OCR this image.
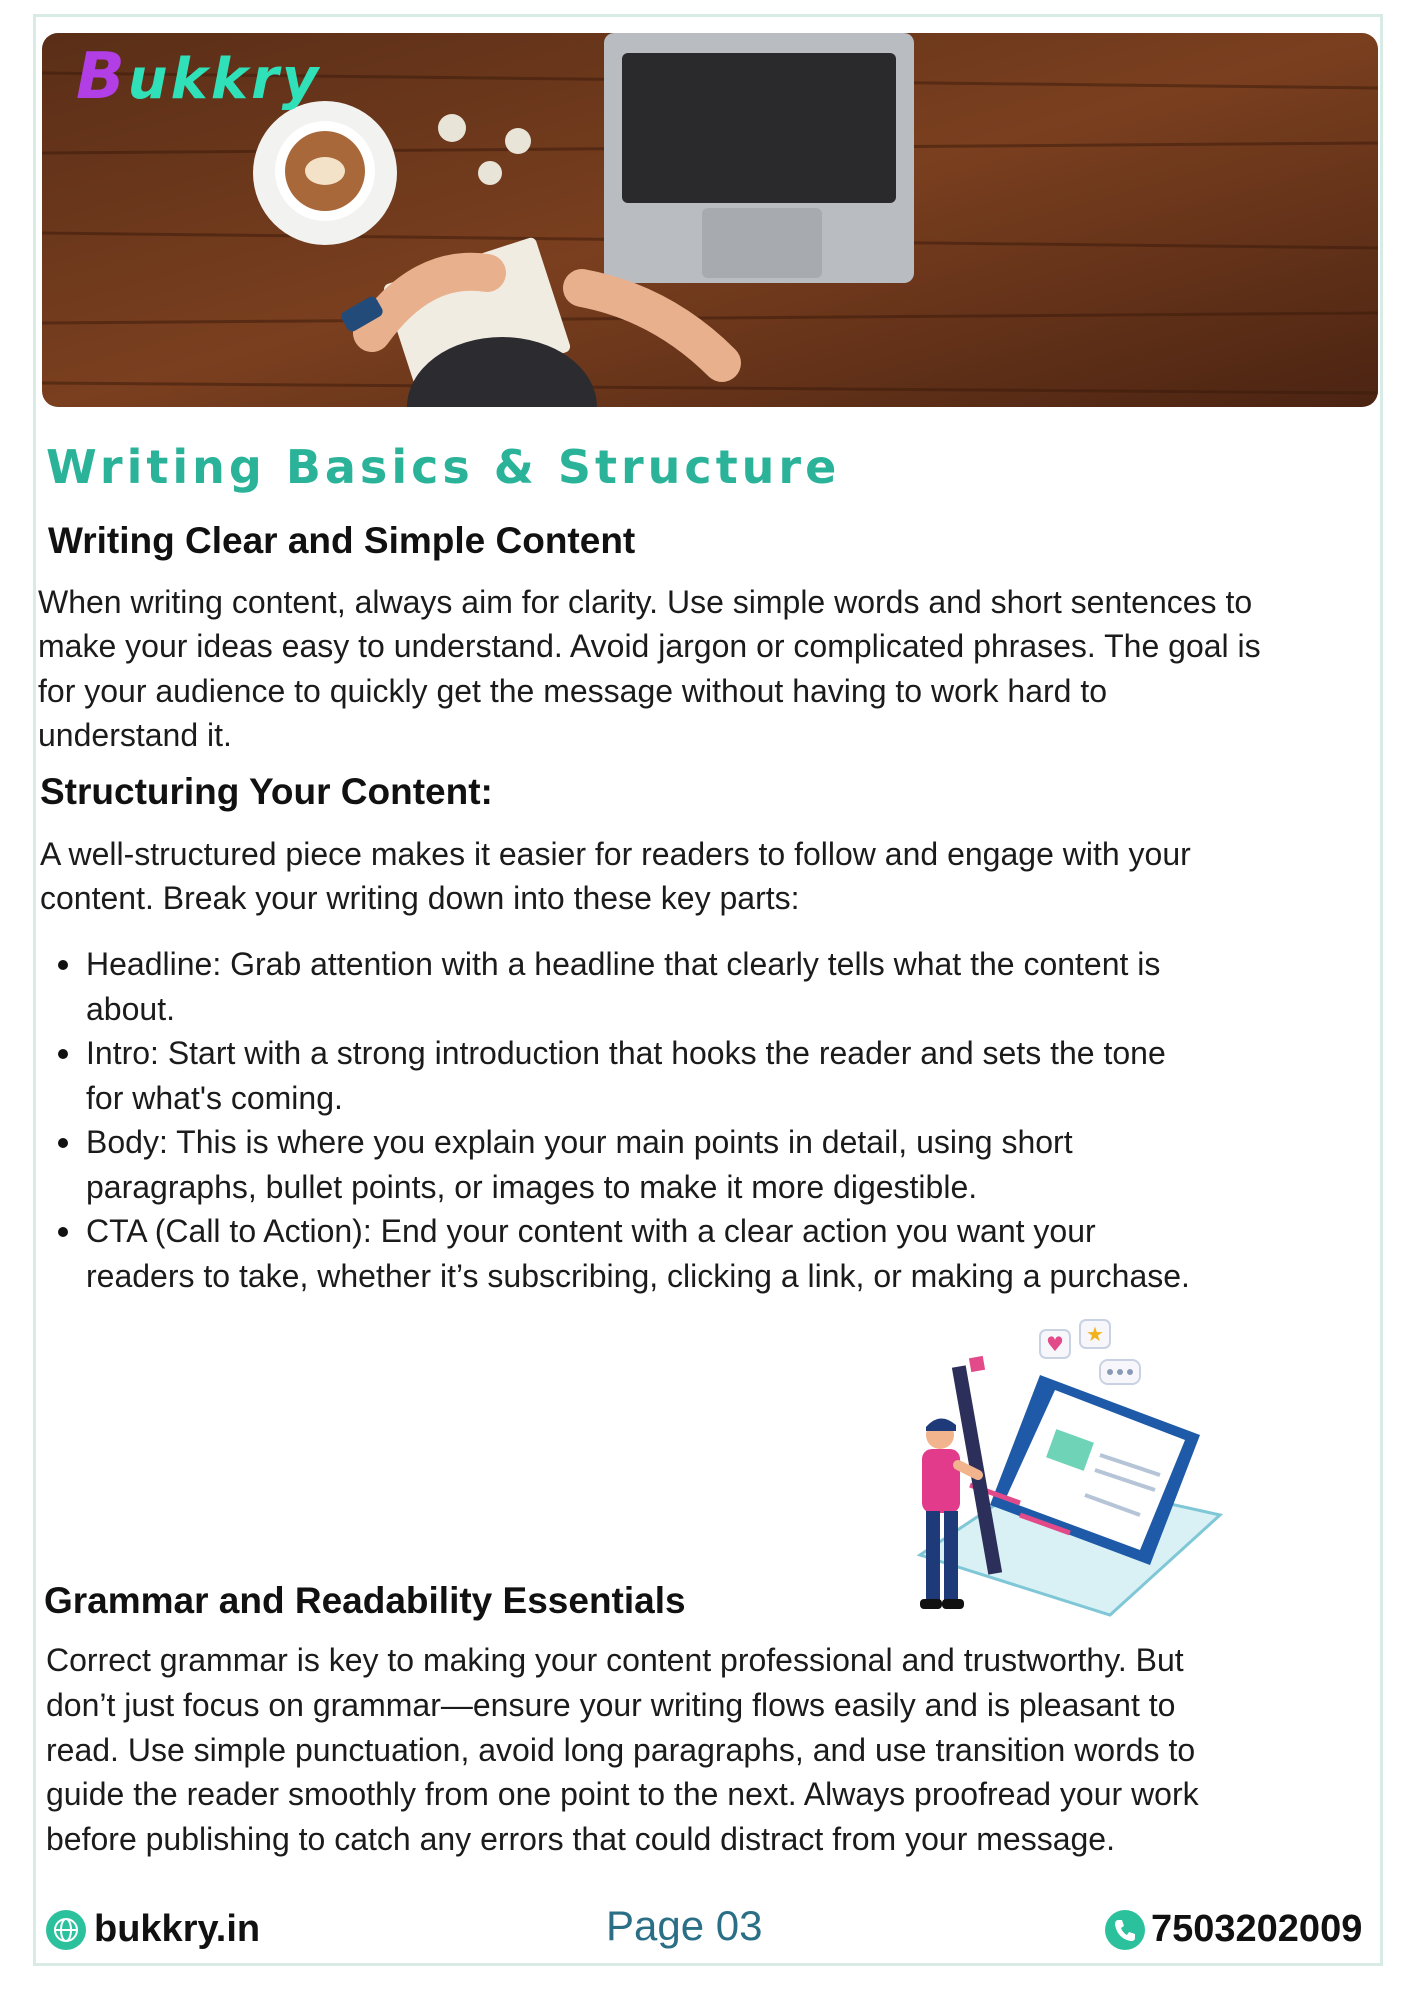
Bukkry
Writing Basics & Structure
Writing Clear and Simple Content

When writing content, always aim for clarity. Use simple words and short sentences to

make your ideas easy to understand. Avoid jargon or complicated phrases. The goal is

for your audience to quickly get the message without having to work hard to

understand it.

Structuring Your Content:

A well-structured piece makes it easier for readers to follow and engage with your

content. Break your writing down into these key parts:

Headline: Grab attention with a headline that clearly tells what the content is
about.
Intro: Start with a strong introduction that hooks the reader and sets the tone
for what's coming.
Body: This is where you explain your main points in detail, using short
paragraphs, bullet points, or images to make it more digestible.
CTA (Call to Action): End your content with a clear action you want your
readers to take, whether it’s subscribing, clicking a link, or making a purchase.
♥ ★
Grammar and Readability Essentials

Correct grammar is key to making your content professional and trustworthy. But

don’t just focus on grammar—ensure your writing flows easily and is pleasant to

read. Use simple punctuation, avoid long paragraphs, and use transition words to

guide the reader smoothly from one point to the next. Always proofread your work

before publishing to catch any errors that could distract from your message.

bukkry.in	Page 03	7503202009
